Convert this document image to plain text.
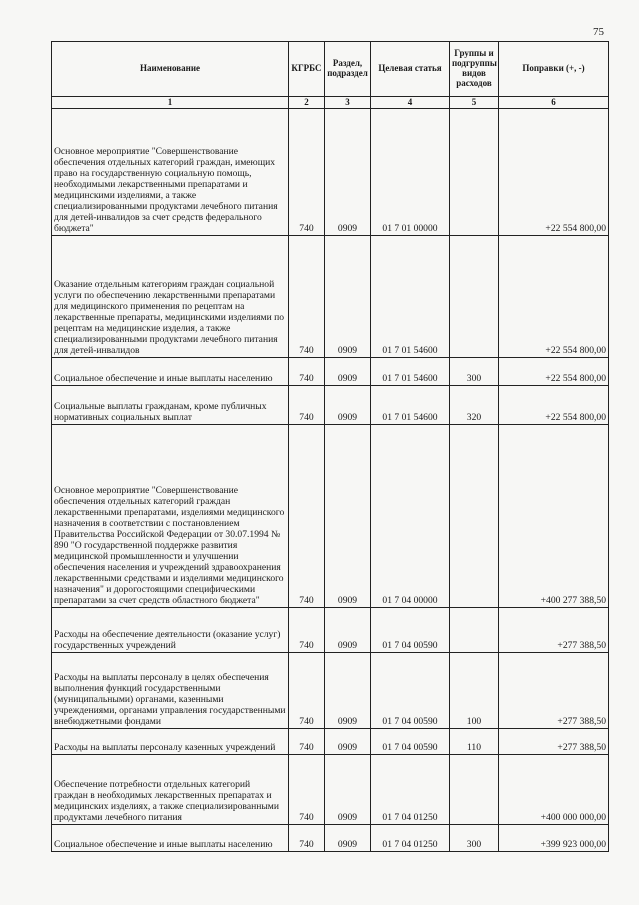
75
Наименование	КГРБС	Раздел, подраздел	Целевая статья	Группы и подгруппы видов расходов	Поправки (+, -)
1	2	3	4	5	6
Основное мероприятие "Совершенствование обеспечения отдельных категорий граждан, имеющих право на государственную социальную помощь, необходимыми лекарственными препаратами и медицинскими изделиями, а также специализированными продуктами лечебного питания для детей-инвалидов за счет средств федерального бюджета"	740	0909	01 7 01 00000		+22 554 800,00
Оказание отдельным категориям граждан социальной услуги по обеспечению лекарственными препаратами для медицинского применения по рецептам на лекарственные препараты, медицинскими изделиями по рецептам на медицинские изделия, а также специализированными продуктами лечебного питания для детей-инвалидов	740	0909	01 7 01 54600		+22 554 800,00
Социальное обеспечение и иные выплаты населению	740	0909	01 7 01 54600	300	+22 554 800,00
Социальные выплаты гражданам, кроме публичных нормативных социальных выплат	740	0909	01 7 01 54600	320	+22 554 800,00
Основное мероприятие "Совершенствование обеспечения отдельных категорий граждан лекарственными препаратами, изделиями медицинского назначения в соответствии с постановлением Правительства Российской Федерации от 30.07.1994 № 890 "О государственной поддержке развития медицинской промышленности и улучшении обеспечения населения и учреждений здравоохранения лекарственными средствами и изделиями медицинского назначения" и дорогостоящими специфическими препаратами за счет средств областного бюджета"	740	0909	01 7 04 00000		+400 277 388,50
Расходы на обеспечение деятельности (оказание услуг) государственных учреждений	740	0909	01 7 04 00590		+277 388,50
Расходы на выплаты персоналу в целях обеспечения выполнения функций государственными (муниципальными) органами, казенными учреждениями, органами управления государственными внебюджетными фондами	740	0909	01 7 04 00590	100	+277 388,50
Расходы на выплаты персоналу казенных учреждений	740	0909	01 7 04 00590	110	+277 388,50
Обеспечение потребности отдельных категорий граждан в необходимых лекарственных препаратах и медицинских изделиях, а также специализированными продуктами лечебного питания	740	0909	01 7 04 01250		+400 000 000,00
Социальное обеспечение и иные выплаты населению	740	0909	01 7 04 01250	300	+399 923 000,00
